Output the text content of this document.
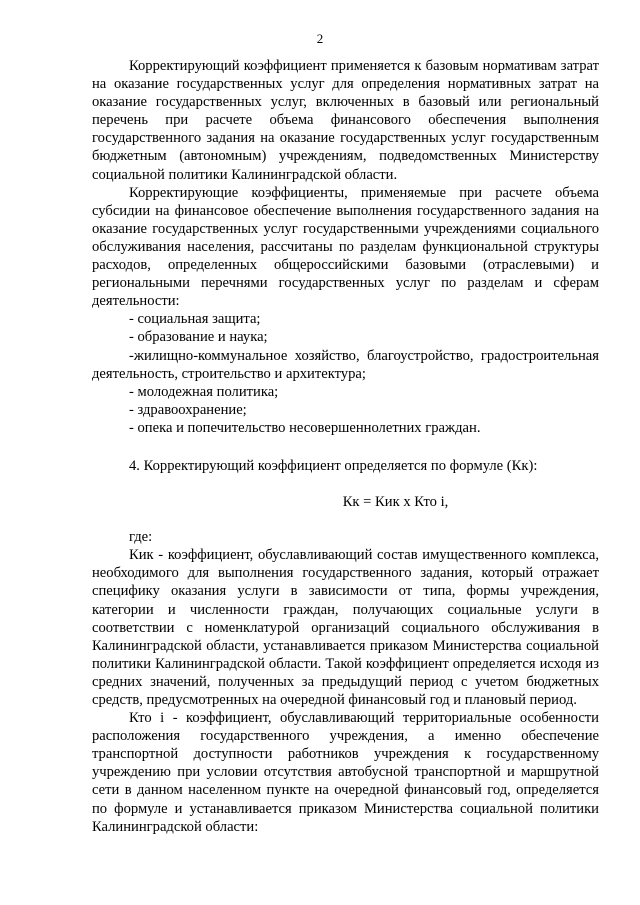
2

Корректирующий коэффициент применяется к базовым нормативам затрат на оказание государственных услуг для определения нормативных затрат на оказание государственных услуг, включенных в базовый или региональный перечень при расчете объема финансового обеспечения выполнения государственного задания на оказание государственных услуг государственным бюджетным (автономным) учреждениям, подведомственных Министерству социальной политики Калининградской области.

Корректирующие коэффициенты, применяемые при расчете объема субсидии на финансовое обеспечение выполнения государственного задания на оказание государственных услуг государственными учреждениями социального обслуживания населения, рассчитаны по разделам функциональной структуры расходов, определенных общероссийскими базовыми (отраслевыми) и региональными перечнями государственных услуг по разделам и сферам деятельности:

- социальная защита;

- образование и наука;

-жилищно-коммунальное хозяйство, благоустройство, градостроительная деятельность, строительство и архитектура;

- молодежная политика;

- здравоохранение;

- опека и попечительство несовершеннолетних граждан.

4. Корректирующий коэффициент определяется по формуле (Кк):

Кк = Кик х Кто i,

где:

Кик - коэффициент, обуславливающий состав имущественного комплекса, необходимого для выполнения государственного задания, который отражает специфику оказания услуги в зависимости от типа, формы учреждения, категории и численности граждан, получающих социальные услуги в соответствии с номенклатурой организаций социального обслуживания в Калининградской области, устанавливается приказом Министерства социальной политики Калининградской области. Такой коэффициент определяется исходя из средних значений, полученных за предыдущий период с учетом бюджетных средств, предусмотренных на очередной финансовый год и плановый период.

Кто i - коэффициент, обуславливающий территориальные особенности расположения государственного учреждения, а именно обеспечение транспортной доступности работников учреждения к государственному учреждению при условии отсутствия автобусной транспортной и маршрутной сети в данном населенном пункте на очередной финансовый год, определяется по формуле и устанавливается приказом Министерства социальной политики Калининградской области:
